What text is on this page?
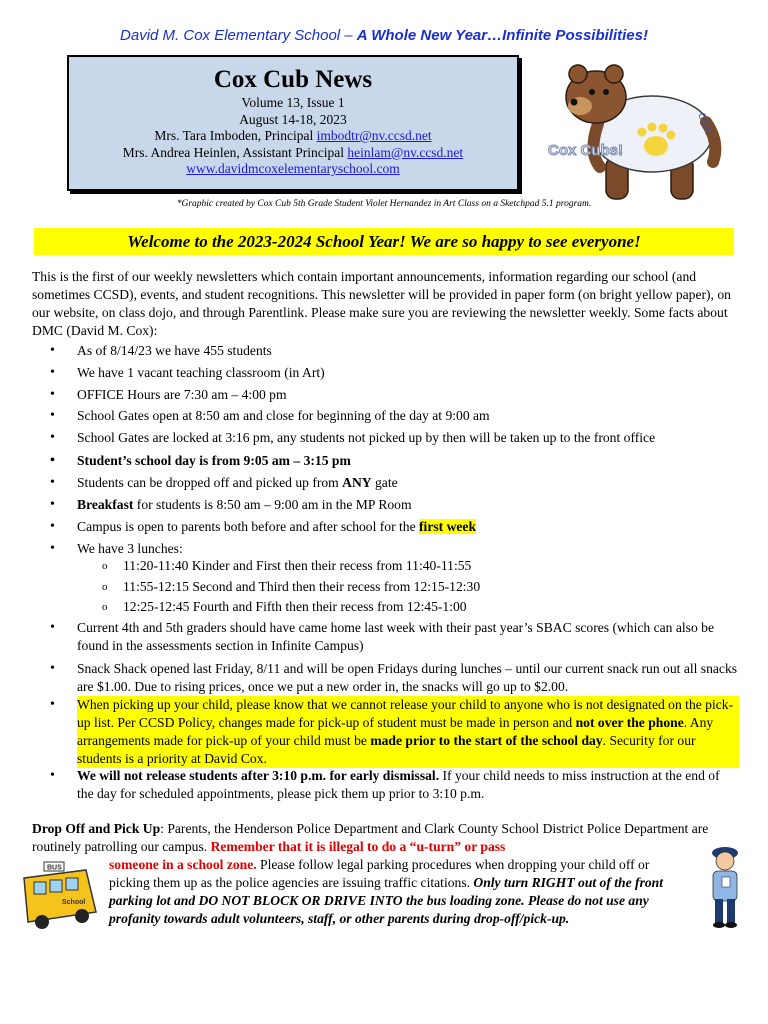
David M. Cox Elementary School – A Whole New Year…Infinite Possibilities!
Cox Cub News
Volume 13, Issue 1
August 14-18, 2023
Mrs. Tara Imboden, Principal imbodtr@nv.ccsd.net
Mrs. Andrea Heinlen, Assistant Principal heinlam@nv.ccsd.net
www.davidmcoxelementaryschool.com
COX
Cox Cubs!
*Graphic created by Cox Cub 5th Grade Student Violet Hernandez in Art Class on a Sketchpad 5.1 program.
Welcome to the 2023-2024 School Year! We are so happy to see everyone!
This is the first of our weekly newsletters which contain important announcements, information regarding our school (and sometimes CCSD), events, and student recognitions. This newsletter will be provided in paper form (on bright yellow paper), on our website, on class dojo, and through Parentlink. Please make sure you are reviewing the newsletter weekly. Some facts about DMC (David M. Cox):
• As of 8/14/23 we have 455 students
• We have 1 vacant teaching classroom (in Art)
• OFFICE Hours are 7:30 am – 4:00 pm
• School Gates open at 8:50 am and close for beginning of the day at 9:00 am
• School Gates are locked at 3:16 pm, any students not picked up by then will be taken up to the front office
• Student’s school day is from 9:05 am – 3:15 pm
• Students can be dropped off and picked up from ANY gate
• Breakfast for students is 8:50 am – 9:00 am in the MP Room
• Campus is open to parents both before and after school for the first week
• We have 3 lunches:
• Current 4th and 5th graders should have came home last week with their past year’s SBAC scores (which can also be found in the assessments section in Infinite Campus)
• Snack Shack opened last Friday, 8/11 and will be open Fridays during lunches – until our current snack run out all snacks are $1.00. Due to rising prices, once we put a new order in, the snacks will go up to $2.00.
• When picking up your child, please know that we cannot release your child to anyone who is not designated on the pick-up list. Per CCSD Policy, changes made for pick-up of student must be made in person and not over the phone. Any arrangements made for pick-up of your child must be made prior to the start of the school day. Security for our students is a priority at David Cox.
• We will not release students after 3:10 p.m. for early dismissal. If your child needs to miss instruction at the end of the day for scheduled appointments, please pick them up prior to 3:10 p.m.
o 11:20-11:40 Kinder and First then their recess from 11:40-11:55
o 11:55-12:15 Second and Third then their recess from 12:15-12:30
o 12:25-12:45 Fourth and Fifth then their recess from 12:45-1:00
Drop Off and Pick Up: Parents, the Henderson Police Department and Clark County School District Police Department are routinely patrolling our campus. Remember that it is illegal to do a “u-turn” or pass
someone in a school zone. Please follow legal parking procedures when dropping your child off or picking them up as the police agencies are issuing traffic citations. Only turn RIGHT out of the front parking lot and DO NOT BLOCK OR DRIVE INTO the bus loading zone. Please do not use any profanity towards adult volunteers, staff, or other parents during drop-off/pick-up.
BUS
School
